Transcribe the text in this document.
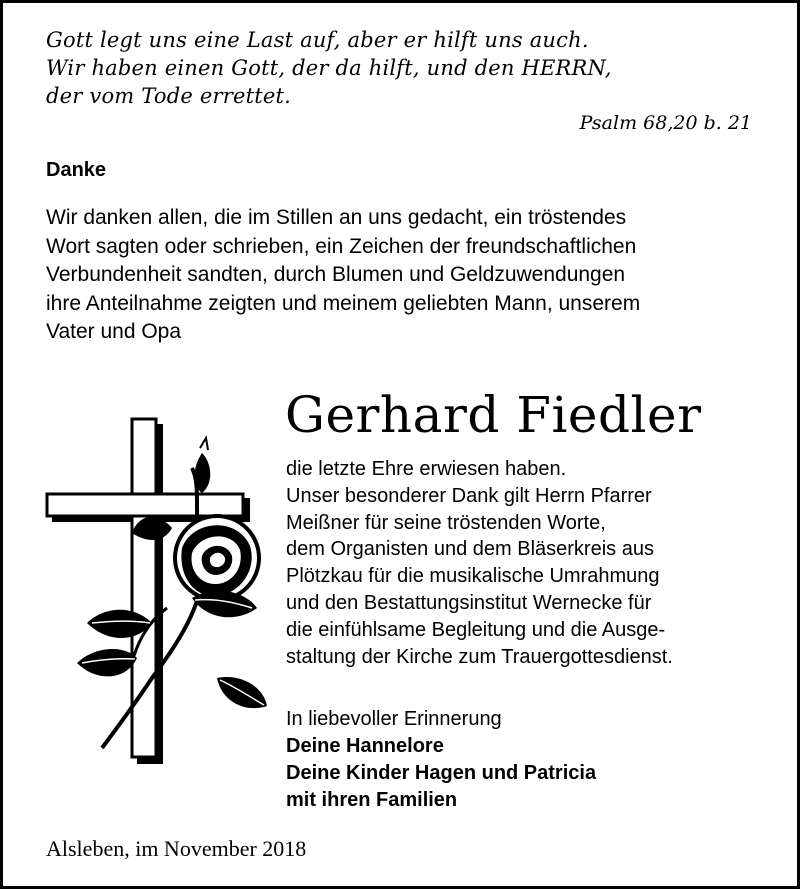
Gott legt uns eine Last auf, aber er hilft uns auch.
Wir haben einen Gott, der da hilft, und den HERRN,
der vom Tode errettet.
Psalm 68,20 b. 21
Danke
Wir danken allen, die im Stillen an uns gedacht, ein tröstendes
Wort sagten oder schrieben, ein Zeichen der freundschaftlichen
Verbundenheit sandten, durch Blumen und Geldzuwendungen
ihre Anteilnahme zeigten und meinem geliebten Mann, unserem
Vater und Opa
Gerhard Fiedler
die letzte Ehre erwiesen haben.
Unser besonderer Dank gilt Herrn Pfarrer
Meißner für seine tröstenden Worte,
dem Organisten und dem Bläserkreis aus
Plötzkau für die musikalische Umrahmung
und den Bestattungsinstitut Wernecke für
die einfühlsame Begleitung und die Ausge-
staltung der Kirche zum Trauergottesdienst.
In liebevoller Erinnerung
Deine Hannelore
Deine Kinder Hagen und Patricia
mit ihren Familien
Alsleben, im November 2018
